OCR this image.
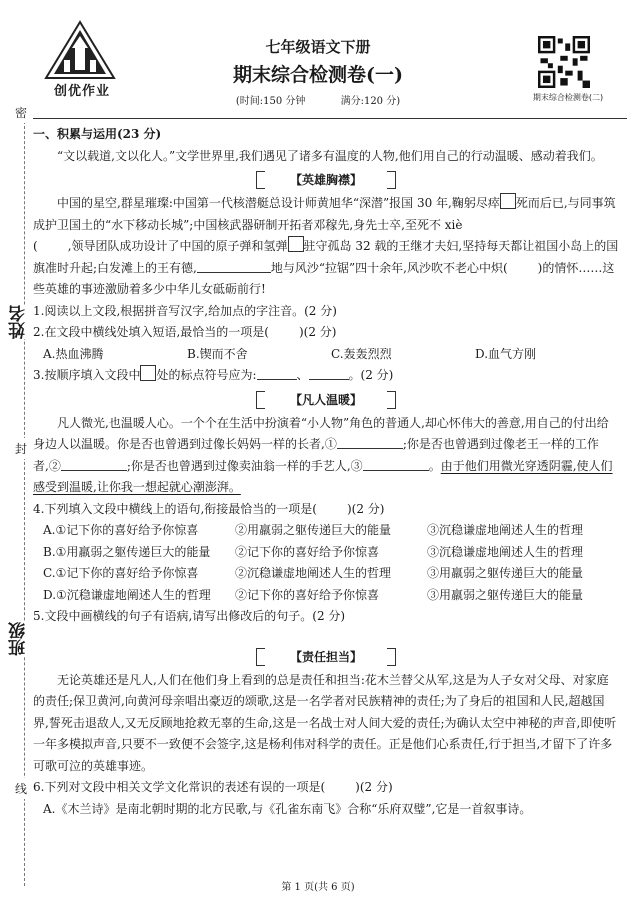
创优作业
七年级语文下册
期末综合检测卷(一)
(时间:150 分钟	满分:120 分)	期末综合检测卷(二)
密
封
线
姓名
班级

一、积累与运用(23 分)

“文以载道,文以化人。”文学世界里,我们遇见了诸多有温度的人物,他们用自己的行动温暖、感动着我们。

【英雄胸襟】

中国的星空,群星璀璨:中国第一代核潜艇总设计师黄旭华“深潜”报国 30 年,鞠躬尽瘁 死而后已,与同事筑成护卫国土的“水下移动长城”;中国核武器研制开拓者邓稼先,身先士卒,至死不 xiè
(	,领导团队成功设计了中国的原子弹和氢弹 驻守孤岛 32 载的王继才夫妇,坚持每天都让祖国小岛上的国旗准时升起;白发滩上的王有德,	地与风沙“拉锯”四十余年,风沙吹不老心中炽(	)的情怀……这些英雄的事迹激励着多少中华儿女砥砺前行!

1.阅读以上文段,根据拼音写汉字,给加点的字注音。(2 分)

2.在文段中横线处填入短语,最恰当的一项是(	)(2 分)

A.热血沸腾	B.锲而不舍	C.轰轰烈烈	D.血气方刚

3.按顺序填入文段中 处的标点符号应为:	、	。(2 分)

【凡人温暖】

凡人微光,也温暖人心。一个个在生活中扮演着“小人物”角色的普通人,却心怀伟大的善意,用自己的付出给身边人以温暖。你是否也曾遇到过像长妈妈一样的长者,①	;你是否也曾遇到过像老王一样的工作者,②	;你是否也曾遇到过像卖油翁一样的手艺人,③	。由于他们用微光穿透阴霾,使人们感受到温暖,让你我一想起就心潮澎湃。

4.下列填入文段中横线上的语句,衔接最恰当的一项是(	)(2 分)

A.①记下你的喜好给予你惊喜	②用羸弱之躯传递巨大的能量	③沉稳谦虚地阐述人生的哲理
B.①用羸弱之躯传递巨大的能量	②记下你的喜好给予你惊喜	③沉稳谦虚地阐述人生的哲理
C.①记下你的喜好给予你惊喜	②沉稳谦虚地阐述人生的哲理	③用羸弱之躯传递巨大的能量
D.①沉稳谦虚地阐述人生的哲理	②记下你的喜好给予你惊喜	③用羸弱之躯传递巨大的能量

5.文段中画横线的句子有语病,请写出修改后的句子。(2 分)

【责任担当】

无论英雄还是凡人,人们在他们身上看到的总是责任和担当:花木兰替父从军,这是为人子女对父母、对家庭的责任;保卫黄河,向黄河母亲唱出豪迈的颂歌,这是一名学者对民族精神的责任;为了身后的祖国和人民,超越国界,誓死击退敌人,又无反顾地抢救无辜的生命,这是一名战士对人间大爱的责任;为确认太空中神秘的声音,即使听一年多模拟声音,只要不一致便不会签字,这是杨利伟对科学的责任。正是他们心系责任,行于担当,才留下了许多可歌可泣的英雄事迹。

6.下列对文段中相关文学文化常识的表述有误的一项是(	)(2 分)

A.《木兰诗》是南北朝时期的北方民歌,与《孔雀东南飞》合称“乐府双璧”,它是一首叙事诗。

第 1 页(共 6 页)
